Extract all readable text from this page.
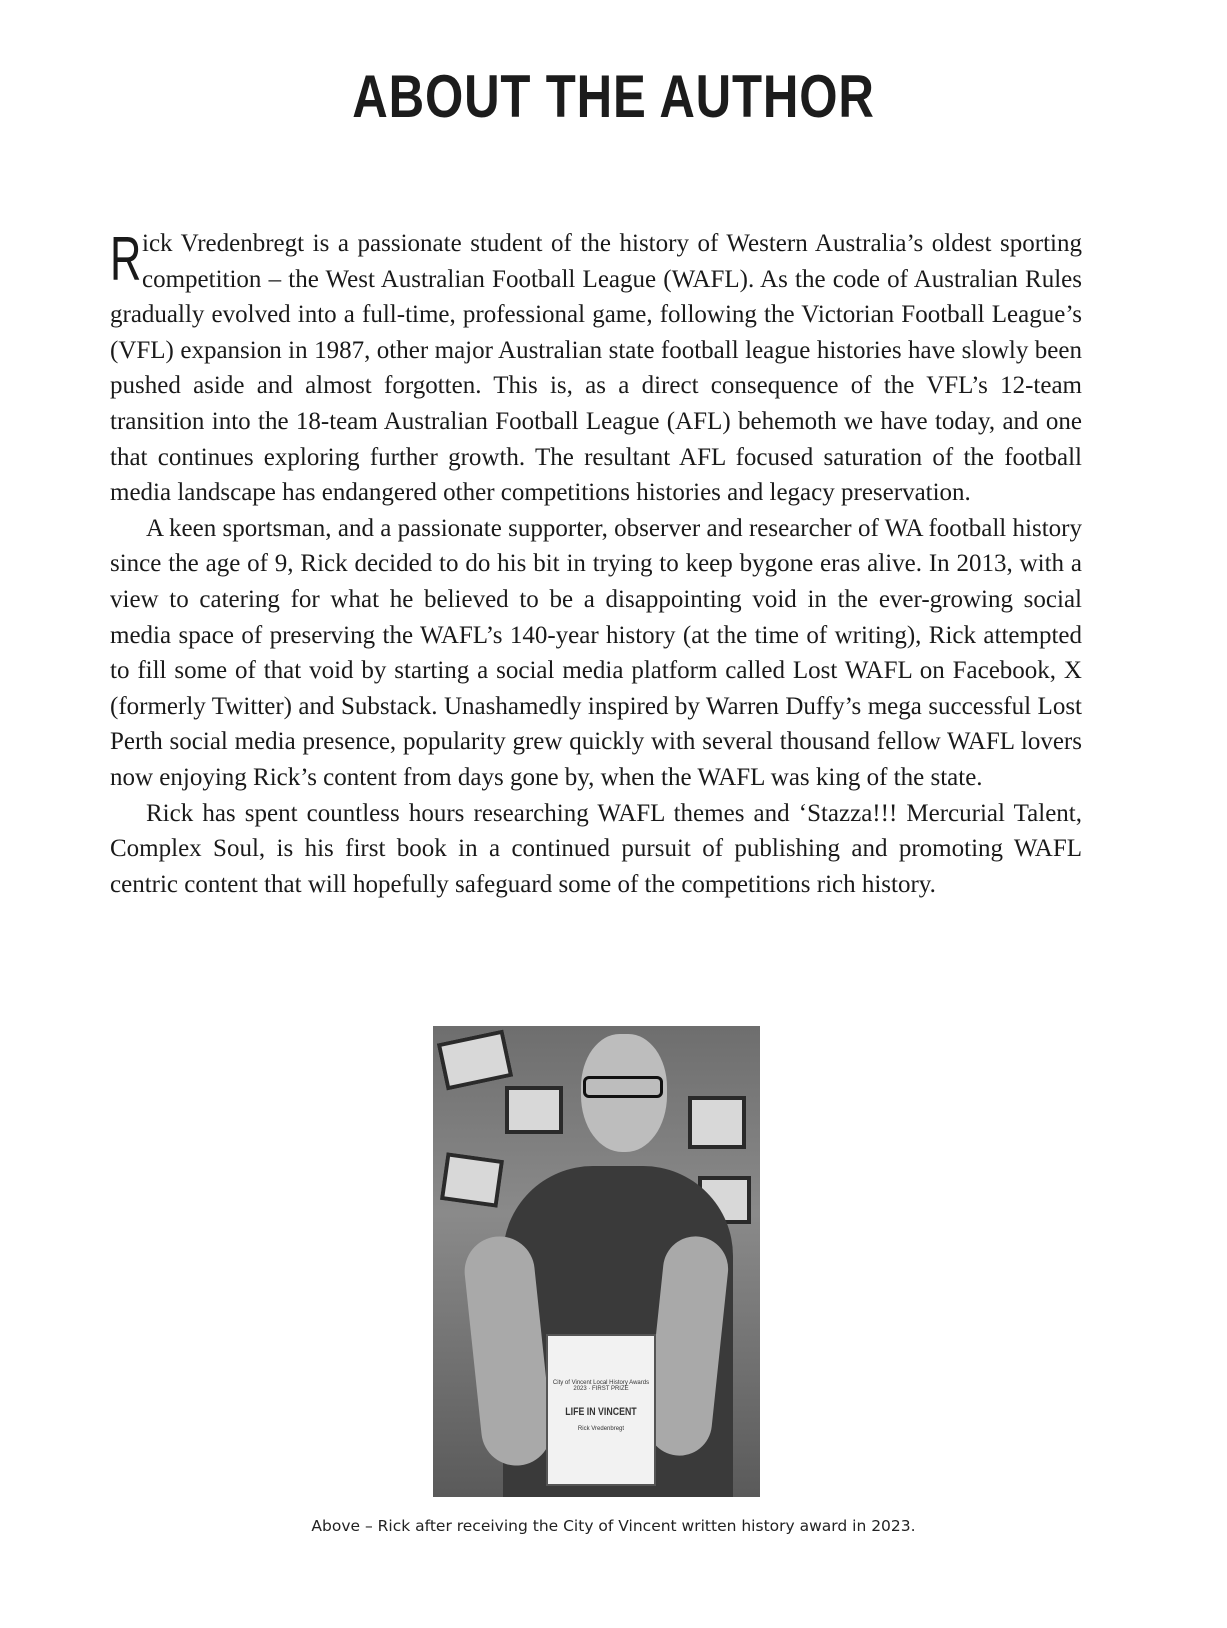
ABOUT THE AUTHOR

Rick Vredenbregt is a passionate student of the history of Western Australia’s oldest sporting competition – the West Australian Football League (WAFL). As the code of Australian Rules gradually evolved into a full-time, professional game, following the Victorian Football League’s (VFL) expansion in 1987, other major Australian state football league histories have slowly been pushed aside and almost forgotten. This is, as a direct consequence of the VFL’s 12-team transition into the 18-team Australian Football League (AFL) behemoth we have today, and one that continues exploring further growth. The resultant AFL focused saturation of the football media landscape has endangered other competitions histories and legacy preservation.

A keen sportsman, and a passionate supporter, observer and researcher of WA football history since the age of 9, Rick decided to do his bit in trying to keep bygone eras alive. In 2013, with a view to catering for what he believed to be a disappointing void in the ever-growing social media space of preserving the WAFL’s 140-year history (at the time of writing), Rick attempted to fill some of that void by starting a social media platform called Lost WAFL on Facebook, X (formerly Twitter) and Substack. Unashamedly inspired by Warren Duffy’s mega successful Lost Perth social media presence, popularity grew quickly with several thousand fellow WAFL lovers now enjoying Rick’s content from days gone by, when the WAFL was king of the state.

Rick has spent countless hours researching WAFL themes and ‘Stazza!!! Mercurial Talent, Complex Soul, is his first book in a continued pursuit of publishing and promoting WAFL centric content that will hopefully safeguard some of the competitions rich history.

City of Vincent Local History Awards 2023 · FIRST PRIZE
LIFE IN VINCENT
Rick Vredenbregt
Above – Rick after receiving the City of Vincent written history award in 2023.
